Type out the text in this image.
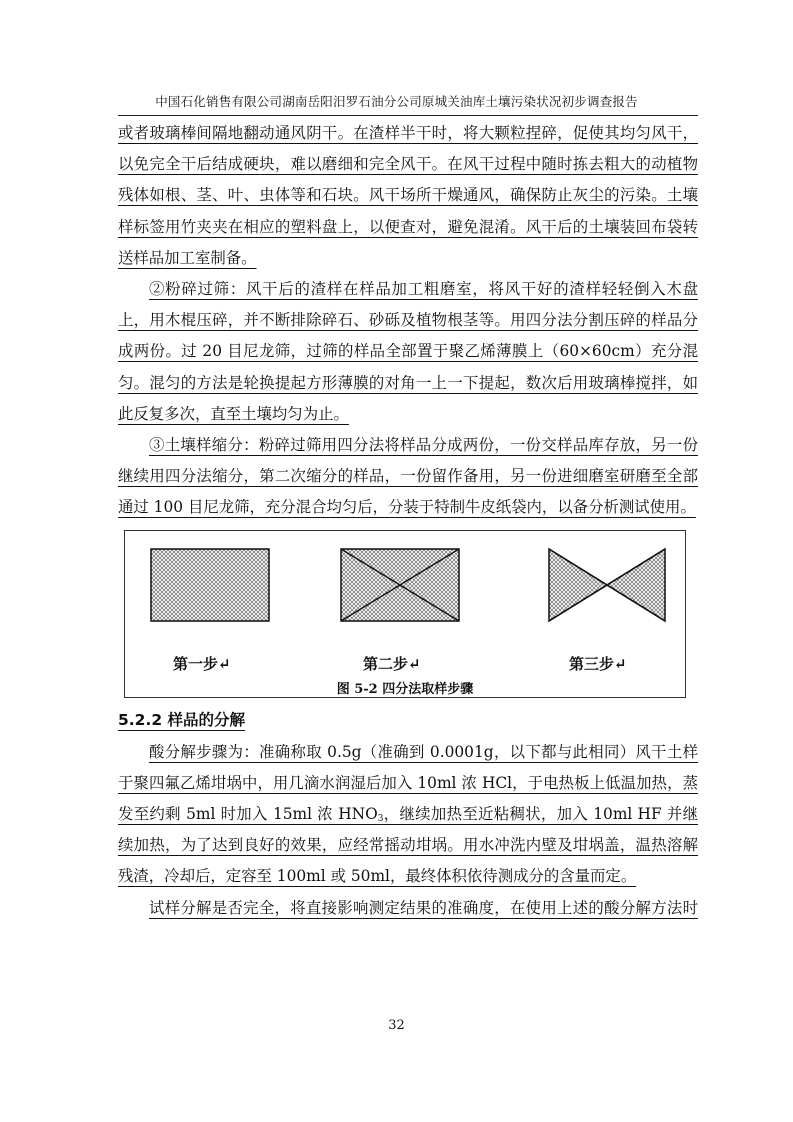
中国石化销售有限公司湖南岳阳汨罗石油分公司原城关油库土壤污染状况初步调查报告

或者玻璃棒间隔地翻动通风阴干。在渣样半干时，将大颗粒捏碎，促使其均匀风干，以免完全干后结成硬块，难以磨细和完全风干。在风干过程中随时拣去粗大的动植物残体如根、茎、叶、虫体等和石块。风干场所干燥通风，确保防止灰尘的污染。土壤样标签用竹夹夹在相应的塑料盘上，以便查对，避免混淆。风干后的土壤装回布袋转送样品加工室制备。

②粉碎过筛：风干后的渣样在样品加工粗磨室，将风干好的渣样轻轻倒入木盘上，用木棍压碎，并不断排除碎石、砂砾及植物根茎等。用四分法分割压碎的样品分成两份。过 20 目尼龙筛，过筛的样品全部置于聚乙烯薄膜上（60×60cm）充分混匀。混匀的方法是轮换提起方形薄膜的对角一上一下提起，数次后用玻璃棒搅拌，如此反复多次，直至土壤均匀为止。

③土壤样缩分：粉碎过筛用四分法将样品分成两份，一份交样品库存放，另一份继续用四分法缩分，第二次缩分的样品，一份留作备用，另一份进细磨室研磨至全部通过 100 目尼龙筛，充分混合均匀后，分装于特制牛皮纸袋内，以备分析测试使用。

第一步↵	第二步↵	第三步↵
图 5-2 四分法取样步骤

5.2.2 样品的分解

酸分解步骤为：准确称取 0.5g（准确到 0.0001g，以下都与此相同）风干土样于聚四氟乙烯坩埚中，用几滴水润湿后加入 10ml 浓 HCl，于电热板上低温加热，蒸发至约剩 5ml 时加入 15ml 浓 $HNO_3$，继续加热至近粘稠状，加入 10ml HF 并继续加热，为了达到良好的效果，应经常摇动坩埚。用水冲洗内壁及坩埚盖，温热溶解残渣，冷却后，定容至 100ml 或 50ml，最终体积依待测成分的含量而定。

试样分解是否完全，将直接影响测定结果的准确度，在使用上述的酸分解方法时

32
